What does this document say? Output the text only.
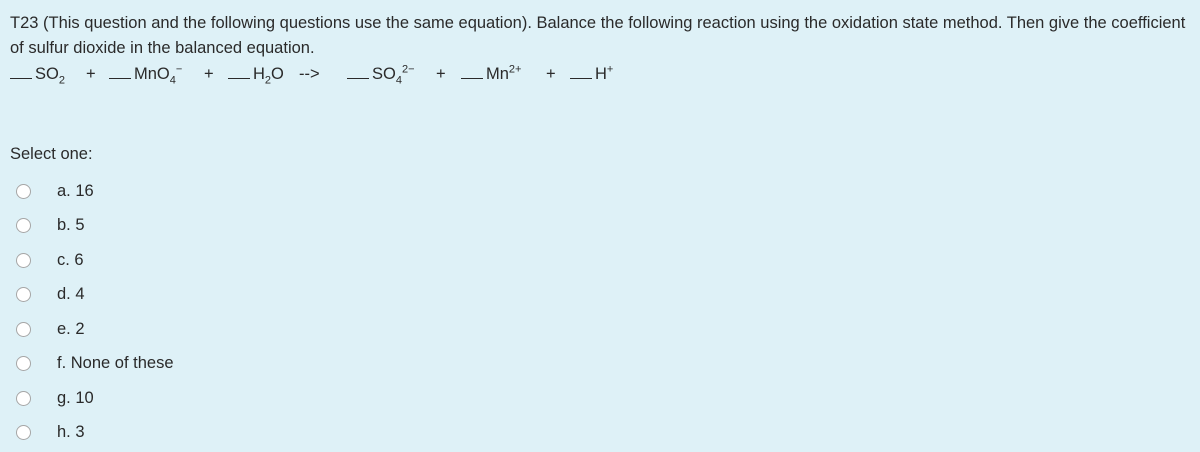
T23 (This question and the following questions use the same equation). Balance the following reaction using the oxidation state method. Then give the coefficient of sulfur dioxide in the balanced equation.
$SO_2$ +	MnO$_4$− +	$H_2O$ -->	$SO_4^{2-}$ +	$Mn^{2+}$ +	H+
Select one:
a. 16
b. 5
c. 6
d. 4
e. 2
f. None of these
g. 10
h. 3
